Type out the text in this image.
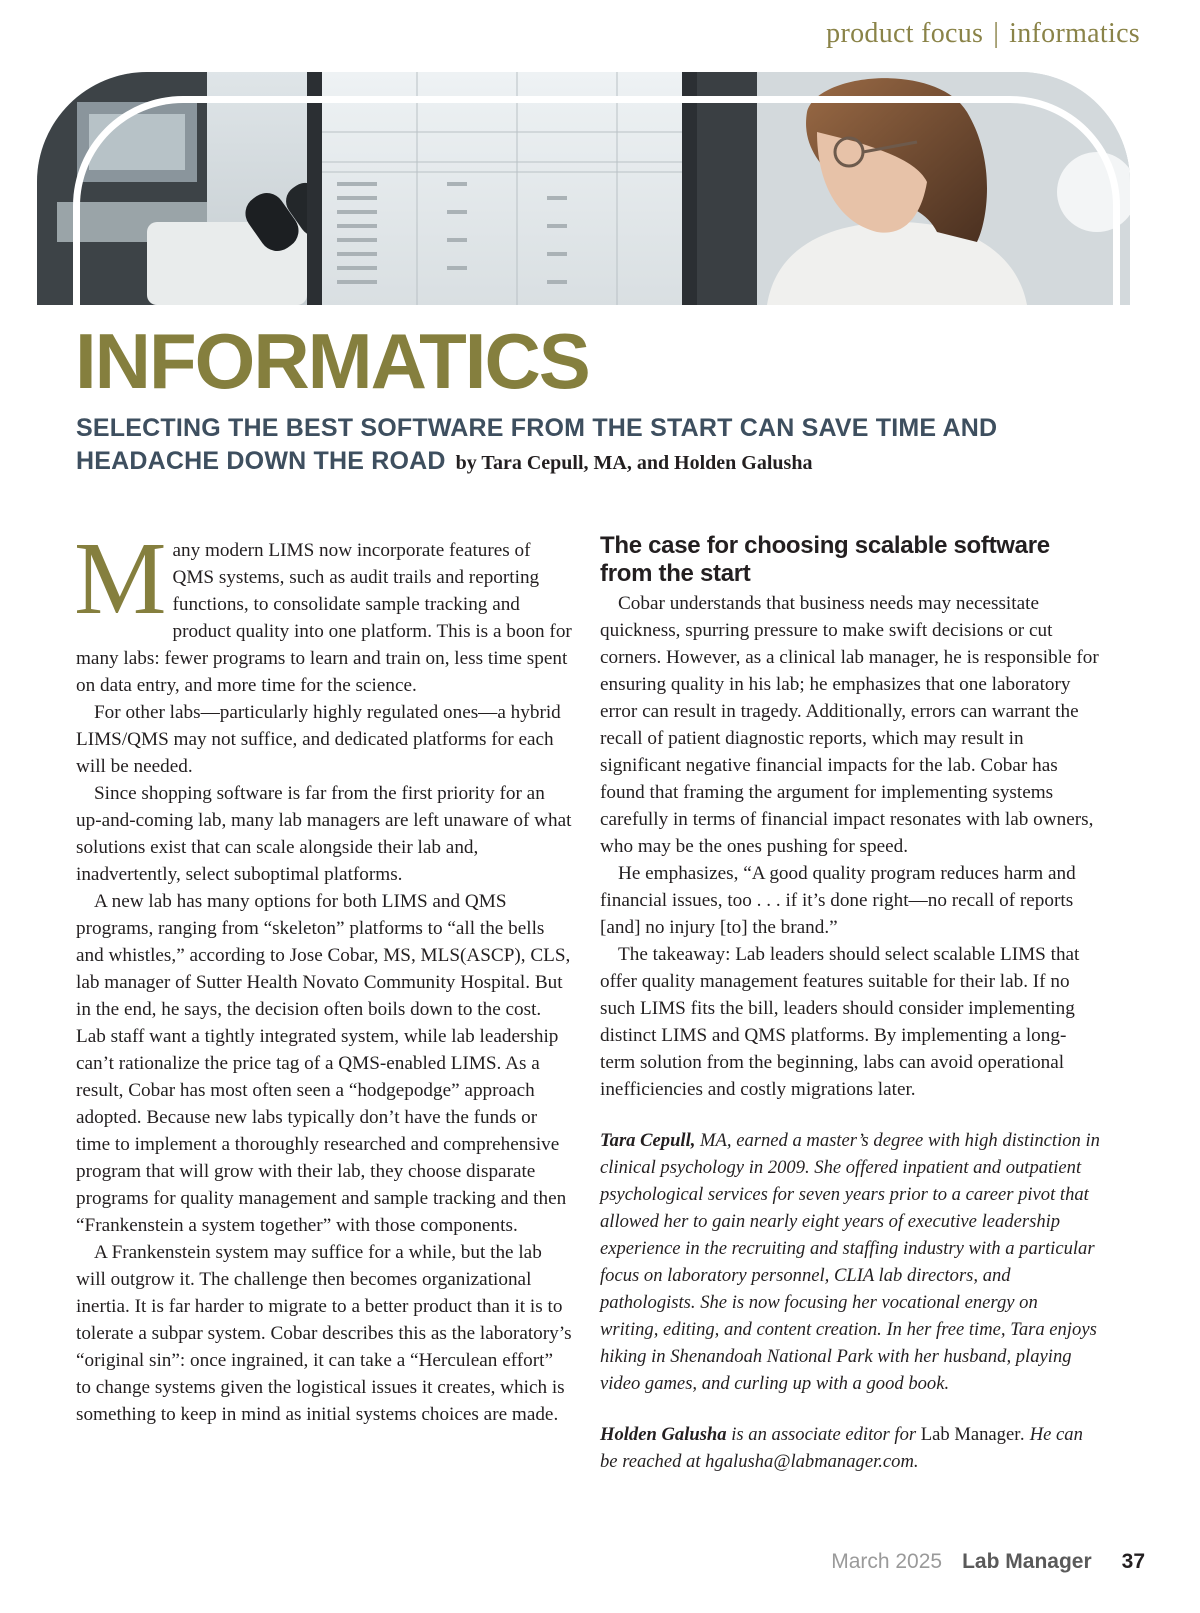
product focus | informatics
INFORMATICS
SELECTING THE BEST SOFTWARE FROM THE START CAN SAVE TIME AND HEADACHE DOWN THE ROAD by Tara Cepull, MA, and Holden Galusha

Many modern LIMS now incorporate features of QMS systems, such as audit trails and reporting functions, to consolidate sample tracking and product quality into one platform. This is a boon for many labs: fewer programs to learn and train on, less time spent on data entry, and more time for the science.

For other labs—particularly highly regulated ones—a hybrid LIMS/QMS may not suffice, and dedicated platforms for each will be needed.

Since shopping software is far from the first priority for an up-and-coming lab, many lab managers are left unaware of what solutions exist that can scale alongside their lab and, inadvertently, select suboptimal platforms.

A new lab has many options for both LIMS and QMS programs, ranging from “skeleton” platforms to “all the bells and whistles,” according to Jose Cobar, MS, MLS(ASCP), CLS, lab manager of Sutter Health Novato Community Hospital. But in the end, he says, the decision often boils down to the cost. Lab staff want a tightly integrated system, while lab leadership can’t rationalize the price tag of a QMS-enabled LIMS. As a result, Cobar has most often seen a “hodgepodge” approach adopted. Because new labs typically don’t have the funds or time to implement a thoroughly researched and comprehensive program that will grow with their lab, they choose disparate programs for quality management and sample tracking and then “Frankenstein a system together” with those components.

A Frankenstein system may suffice for a while, but the lab will outgrow it. The challenge then becomes organizational inertia. It is far harder to migrate to a better product than it is to tolerate a subpar system. Cobar describes this as the laboratory’s “original sin”: once ingrained, it can take a “Herculean effort” to change systems given the logistical issues it creates, which is something to keep in mind as initial systems choices are made.

The case for choosing scalable software from the start

Cobar understands that business needs may necessitate quickness, spurring pressure to make swift decisions or cut corners. However, as a clinical lab manager, he is responsible for ensuring quality in his lab; he emphasizes that one laboratory error can result in tragedy. Additionally, errors can warrant the recall of patient diagnostic reports, which may result in significant negative financial impacts for the lab. Cobar has found that framing the argument for implementing systems carefully in terms of financial impact resonates with lab owners, who may be the ones pushing for speed.

He emphasizes, “A good quality program reduces harm and financial issues, too . . . if it’s done right—no recall of reports [and] no injury [to] the brand.”

The takeaway: Lab leaders should select scalable LIMS that offer quality management features suitable for their lab. If no such LIMS fits the bill, leaders should consider implementing distinct LIMS and QMS platforms. By implementing a long-term solution from the beginning, labs can avoid operational inefficiencies and costly migrations later.

Tara Cepull, MA, earned a master’s degree with high distinction in clinical psychology in 2009. She offered inpatient and outpatient psychological services for seven years prior to a career pivot that allowed her to gain nearly eight years of executive leadership experience in the recruiting and staffing industry with a particular focus on laboratory personnel, CLIA lab directors, and pathologists. She is now focusing her vocational energy on writing, editing, and content creation. In her free time, Tara enjoys hiking in Shenandoah National Park with her husband, playing video games, and curling up with a good book.

Holden Galusha is an associate editor for Lab Manager. He can be reached at hgalusha@labmanager.com.

March 2025 Lab Manager 37
